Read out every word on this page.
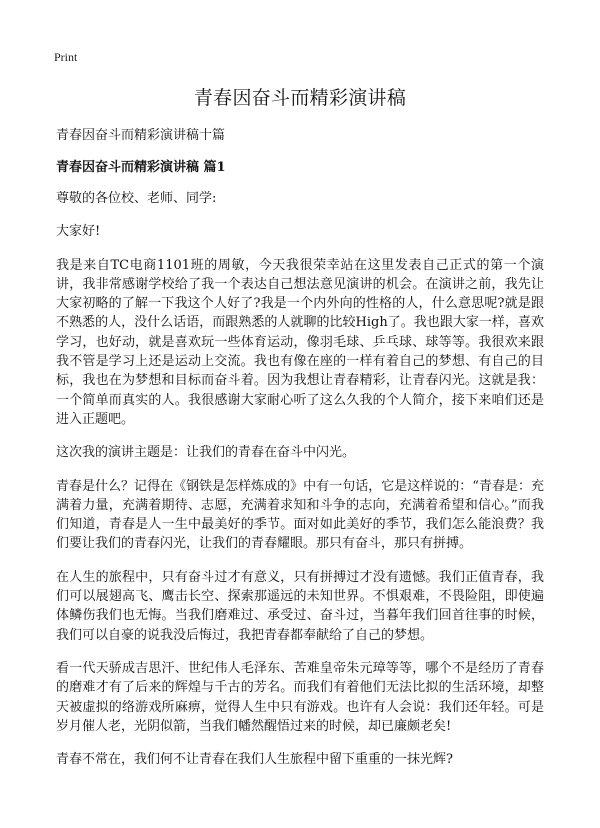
Print
青春因奋斗而精彩演讲稿
青春因奋斗而精彩演讲稿十篇
青春因奋斗而精彩演讲稿 篇1

尊敬的各位校、老师、同学:

大家好!

我是来自TC电商1101班的周敏，今天我很荣幸站在这里发表自己正式的第一个演讲，我非常感谢学校给了我一个表达自己想法意见演讲的机会。在演讲之前，我先让大家初略的了解一下我这个人好了?我是一个内外向的性格的人，什么意思呢?就是跟不熟悉的人，没什么话语，而跟熟悉的人就聊的比较High了。我也跟大家一样，喜欢学习，也好动，就是喜欢玩一些体育运动，像羽毛球、乒乓球、球等等。我很欢来跟我不管是学习上还是运动上交流。我也有像在座的一样有着自己的梦想、有自己的目标，我也在为梦想和目标而奋斗着。因为我想让青春精彩，让青春闪光。这就是我：一个简单而真实的人。我很感谢大家耐心听了这么久我的个人简介，接下来咱们还是进入正题吧。

这次我的演讲主题是：让我们的青春在奋斗中闪光。

青春是什么？记得在《钢铁是怎样炼成的》中有一句话，它是这样说的：“青春是：充满着力量，充满着期待、志愿，充满着求知和斗争的志向，充满着希望和信心。”而我们知道，青春是人一生中最美好的季节。面对如此美好的季节，我们怎么能浪费？我们要让我们的青春闪光，让我们的青春耀眼。那只有奋斗，那只有拼搏。

在人生的旅程中，只有奋斗过才有意义，只有拼搏过才没有遗憾。我们正值青春，我们可以展翅高飞、鹰击长空、探索那遥远的未知世界。不惧艰难，不畏险阻，即使遍体鳞伤我们也无悔。当我们磨难过、承受过、奋斗过，当暮年我们回首往事的时候，我们可以自豪的说我没后悔过，我把青春都奉献给了自己的梦想。

看一代天骄成吉思汗、世纪伟人毛泽东、苦难皇帝朱元璋等等，哪个不是经历了青春的磨难才有了后来的辉煌与千古的芳名。而我们有着他们无法比拟的生活环境，却整天被虚拟的络游戏所麻痹，觉得人生中只有游戏。也许有人会说：我们还年轻。可是岁月催人老，光阴似箭，当我们幡然醒悟过来的时候，却已廉颇老矣!

青春不常在，我们何不让青春在我们人生旅程中留下重重的一抹光辉?
